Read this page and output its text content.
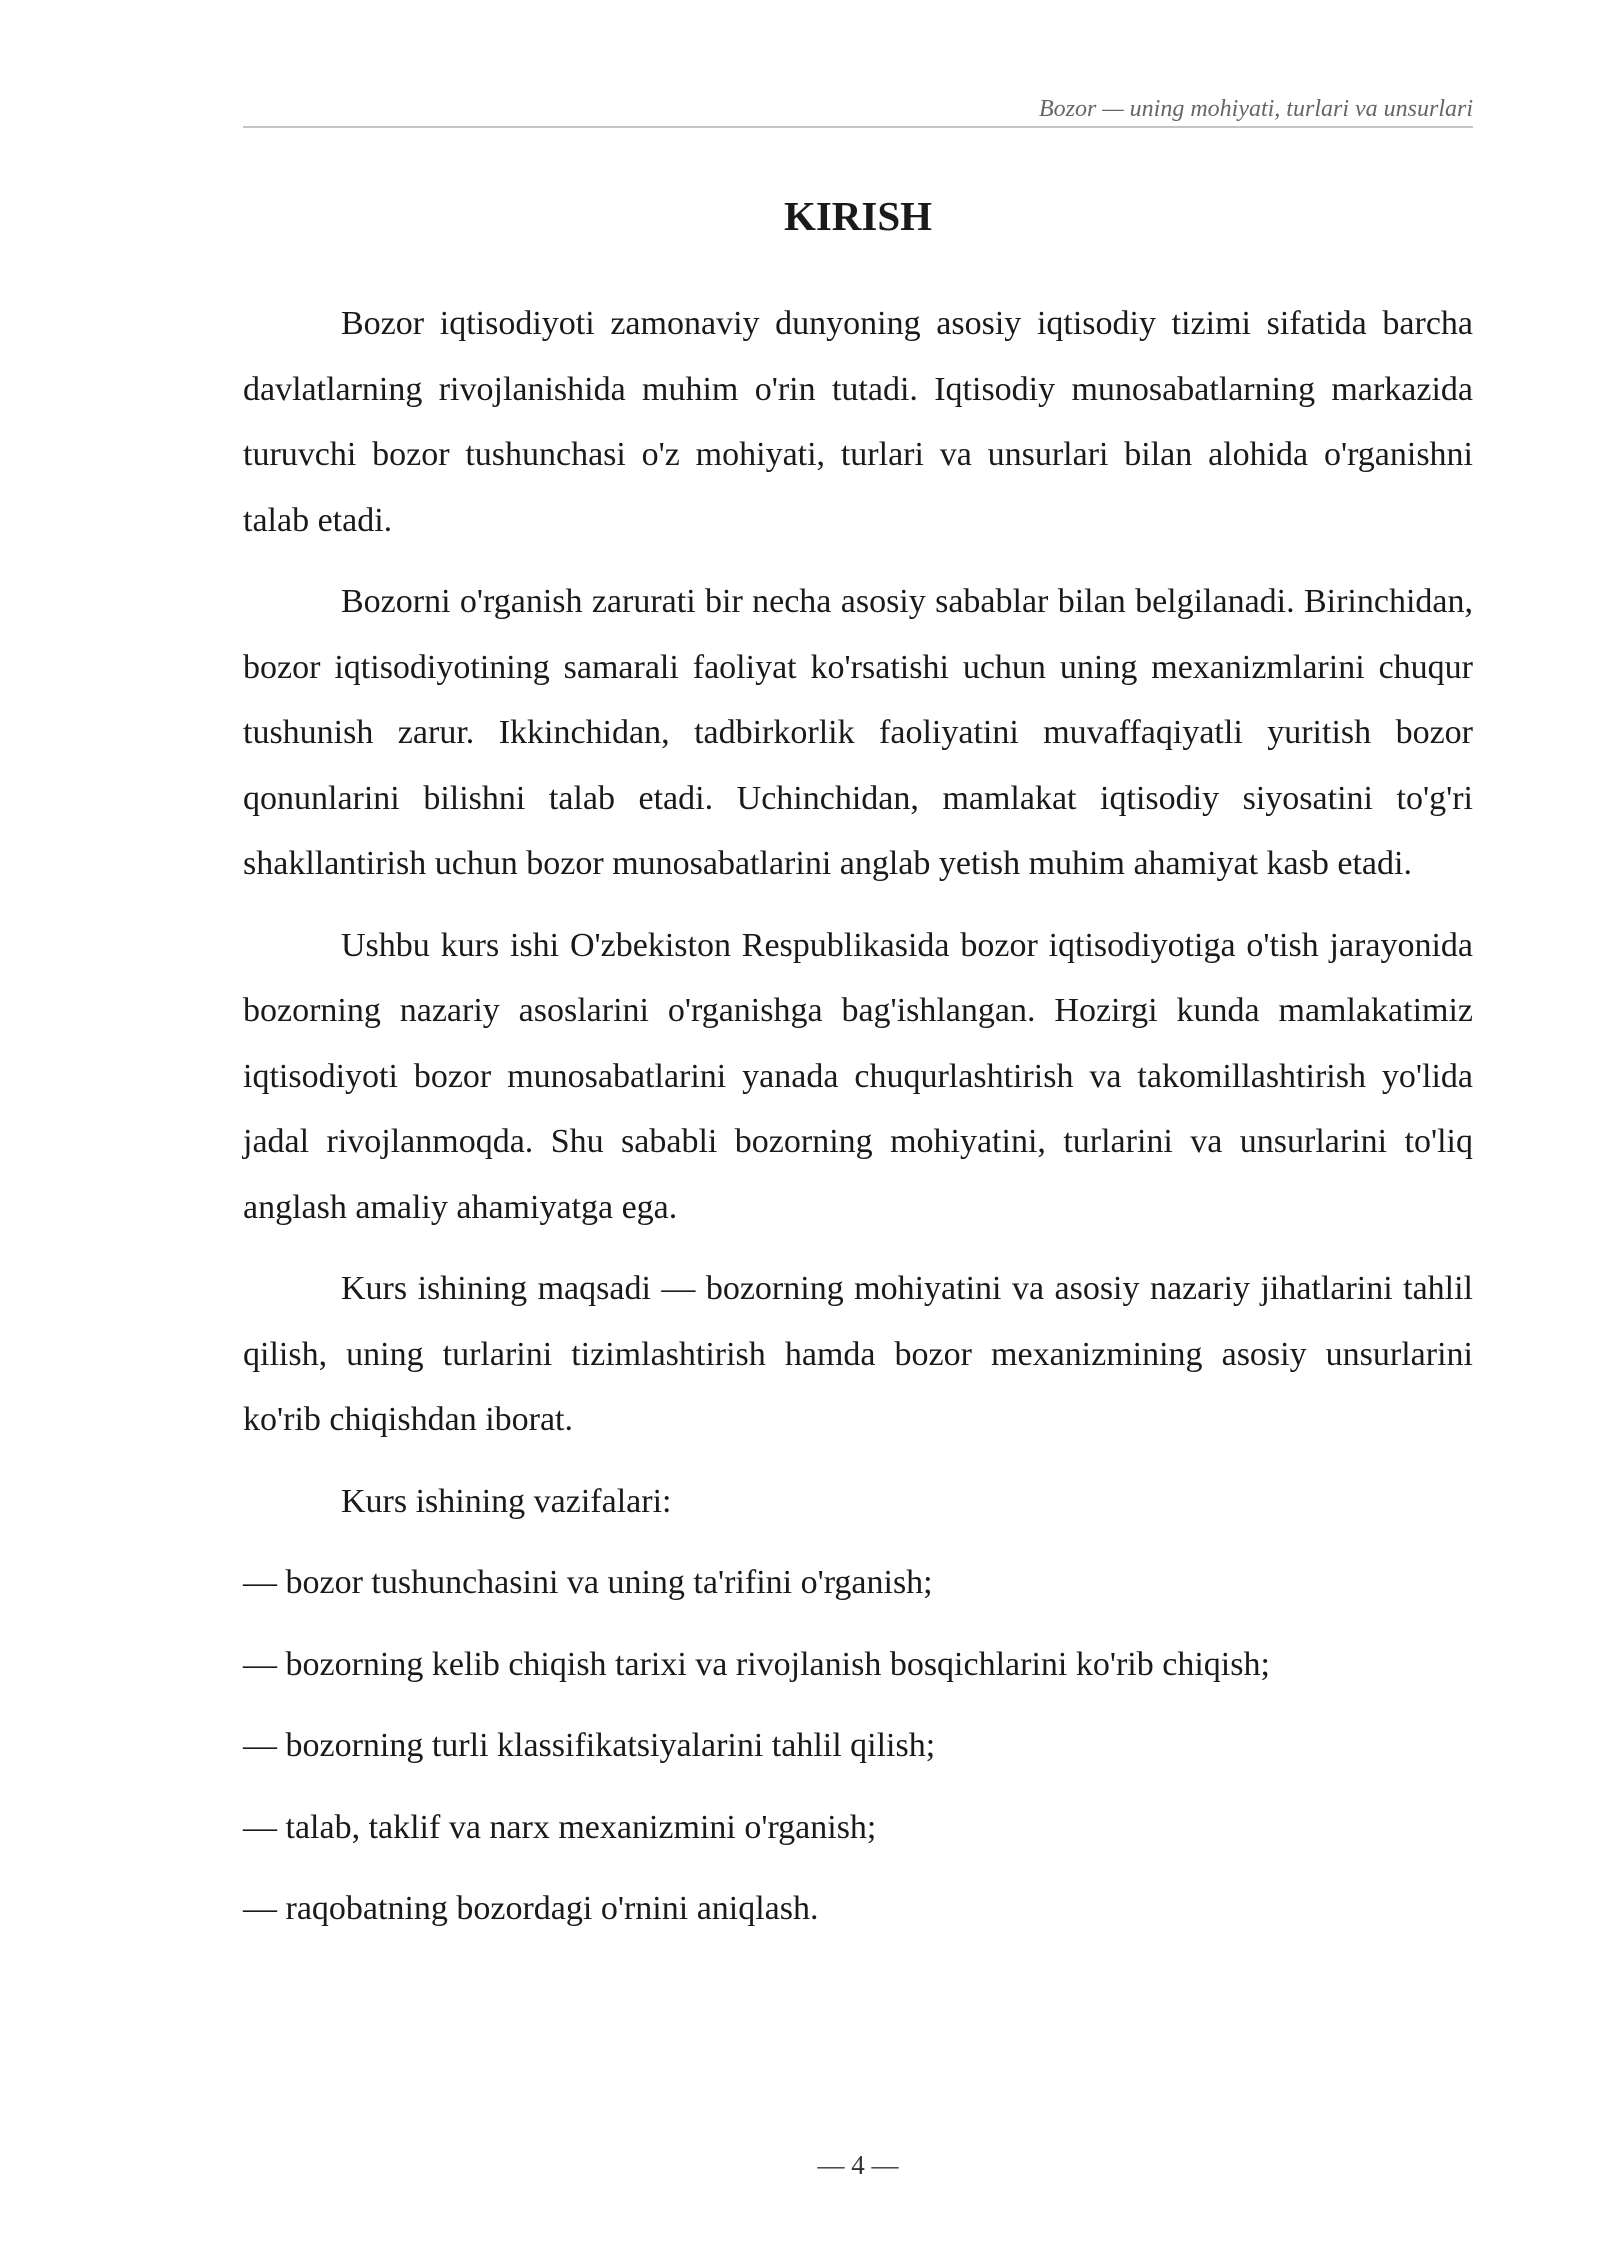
Bozor — uning mohiyati, turlari va unsurlari
KIRISH

Bozor iqtisodiyoti zamonaviy dunyoning asosiy iqtisodiy tizimi sifatida barcha davlatlarning rivojlanishida muhim o'rin tutadi. Iqtisodiy munosabatlarning markazida turuvchi bozor tushunchasi o'z mohiyati, turlari va unsurlari bilan alohida o'rganishni talab etadi.

Bozorni o'rganish zarurati bir necha asosiy sabablar bilan belgilanadi. Birinchidan, bozor iqtisodiyotining samarali faoliyat ko'rsatishi uchun uning mexanizmlarini chuqur tushunish zarur. Ikkinchidan, tadbirkorlik faoliyatini muvaffaqiyatli yuritish bozor qonunlarini bilishni talab etadi. Uchinchidan, mamlakat iqtisodiy siyosatini to'g'ri shakllantirish uchun bozor munosabatlarini anglab yetish muhim ahamiyat kasb etadi.

Ushbu kurs ishi O'zbekiston Respublikasida bozor iqtisodiyotiga o'tish jarayonida bozorning nazariy asoslarini o'rganishga bag'ishlangan. Hozirgi kunda mamlakatimiz iqtisodiyoti bozor munosabatlarini yanada chuqurlashtirish va takomillashtirish yo'lida jadal rivojlanmoqda. Shu sababli bozorning mohiyatini, turlarini va unsurlarini to'liq anglash amaliy ahamiyatga ega.

Kurs ishining maqsadi — bozorning mohiyatini va asosiy nazariy jihatlarini tahlil qilish, uning turlarini tizimlashtirish hamda bozor mexanizmining asosiy unsurlarini ko'rib chiqishdan iborat.

Kurs ishining vazifalari:

— bozor tushunchasini va uning ta'rifini o'rganish;
— bozorning kelib chiqish tarixi va rivojlanish bosqichlarini ko'rib chiqish;
— bozorning turli klassifikatsiyalarini tahlil qilish;
— talab, taklif va narx mexanizmini o'rganish;
— raqobatning bozordagi o'rnini aniqlash.
— 4 —
